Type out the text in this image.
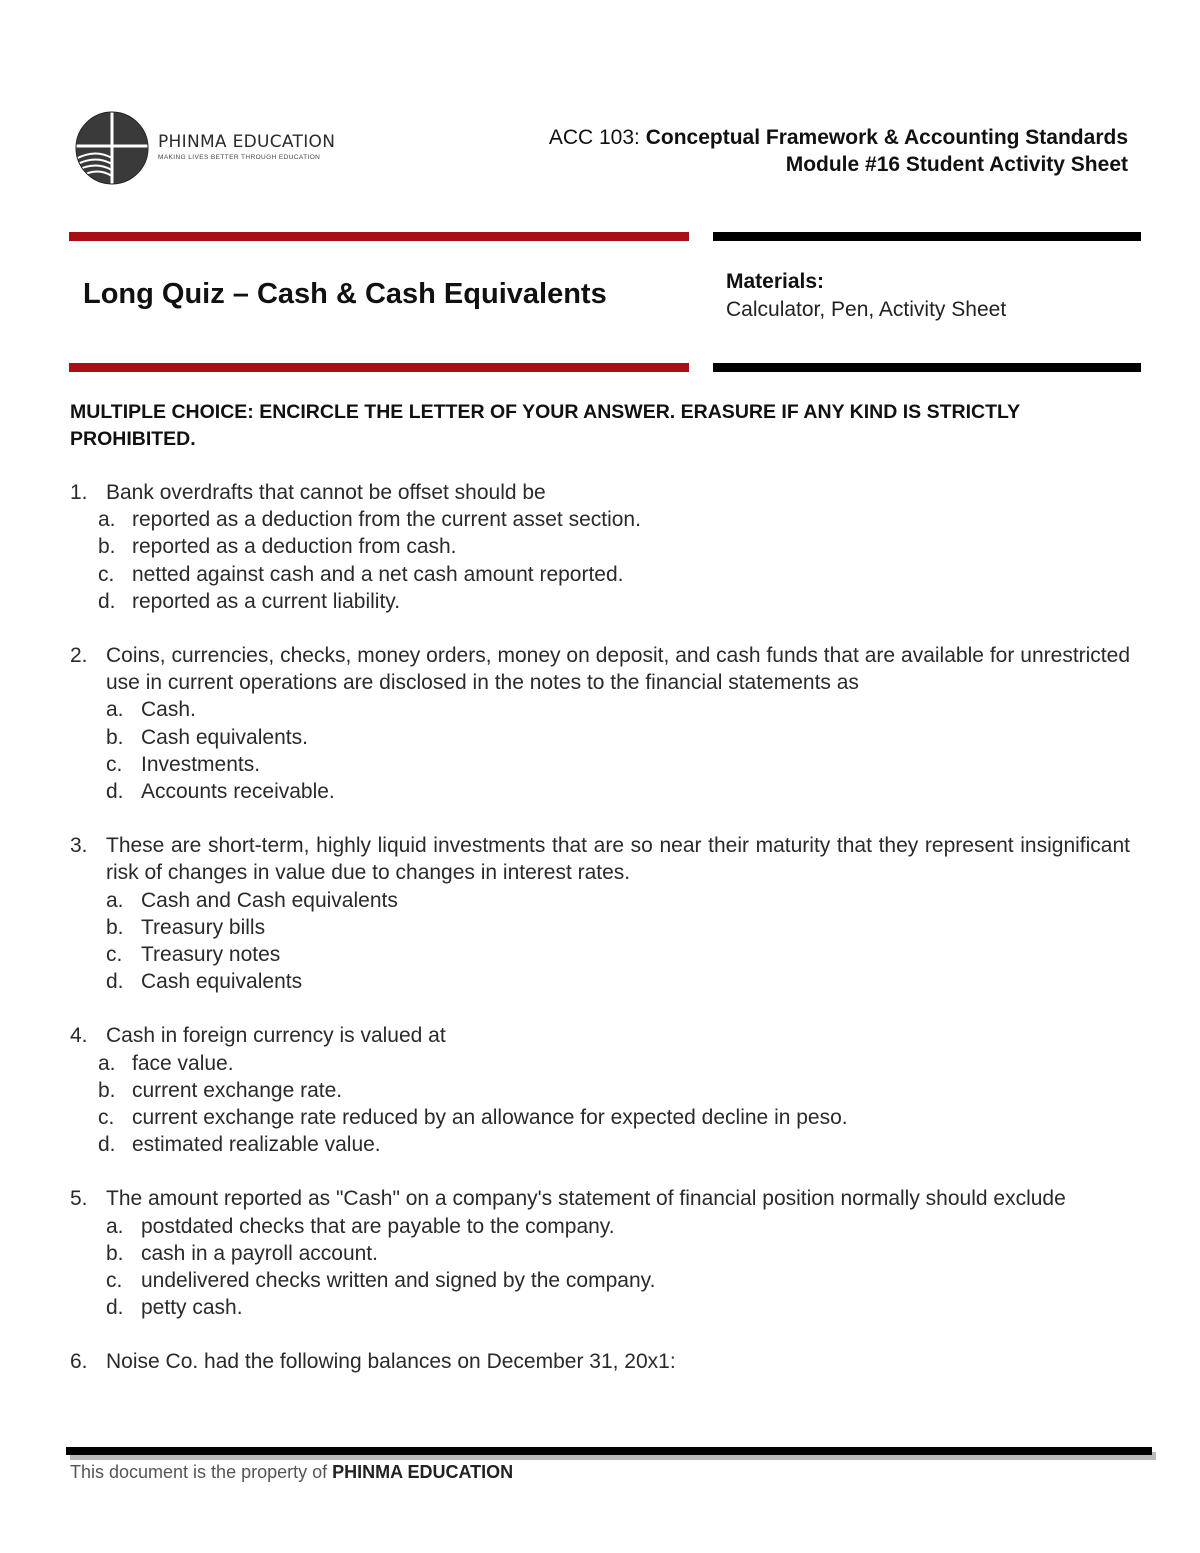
PHINMA EDUCATION
MAKING LIVES BETTER THROUGH EDUCATION
ACC 103: Conceptual Framework & Accounting Standards
Module #16 Student Activity Sheet
Long Quiz – Cash & Cash Equivalents	Materials:
Calculator, Pen, Activity Sheet
MULTIPLE CHOICE: ENCIRCLE THE LETTER OF YOUR ANSWER. ERASURE IF ANY KIND IS STRICTLY PROHIBITED.
1. Bank overdrafts that cannot be offset should be
a. reported as a deduction from the current asset section.
b. reported as a deduction from cash.
c. netted against cash and a net cash amount reported.
d. reported as a current liability.
2. Coins, currencies, checks, money orders, money on deposit, and cash funds that are available for unrestricted use in current operations are disclosed in the notes to the financial statements as
a. Cash.
b. Cash equivalents.
c. Investments.
d. Accounts receivable.
3. These are short-term, highly liquid investments that are so near their maturity that they represent insignificant risk of changes in value due to changes in interest rates.
a. Cash and Cash equivalents
b. Treasury bills
c. Treasury notes
d. Cash equivalents
4. Cash in foreign currency is valued at
a. face value.
b. current exchange rate.
c. current exchange rate reduced by an allowance for expected decline in peso.
d. estimated realizable value.
5. The amount reported as "Cash" on a company's statement of financial position normally should exclude
a. postdated checks that are payable to the company.
b. cash in a payroll account.
c. undelivered checks written and signed by the company.
d. petty cash.
6. Noise Co. had the following balances on December 31, 20x1:
This document is the property of PHINMA EDUCATION
